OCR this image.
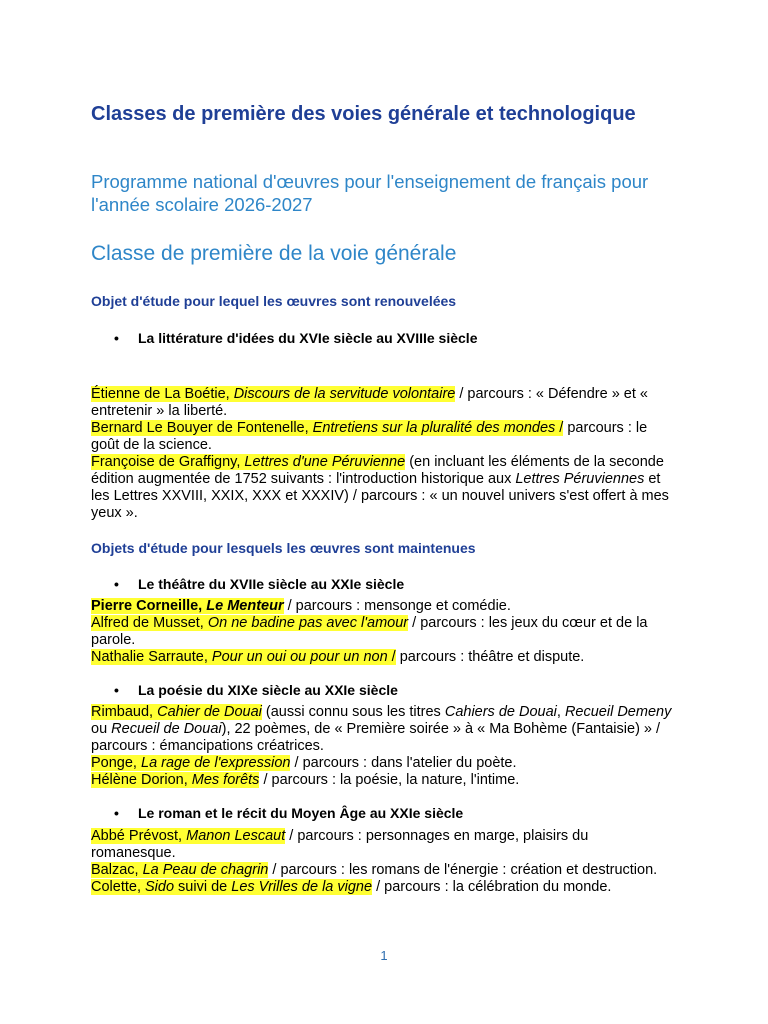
Classes de première des voies générale et technologique
Programme national d'œuvres pour l'enseignement de français pour l'année scolaire 2026-2027
Classe de première de la voie générale
Objet d'étude pour lequel les œuvres sont renouvelées
• La littérature d'idées du XVIe siècle au XVIIIe siècle
Étienne de La Boétie, Discours de la servitude volontaire / parcours : « Défendre » et « entretenir » la liberté.
Bernard Le Bouyer de Fontenelle, Entretiens sur la pluralité des mondes / parcours : le goût de la science.
Françoise de Graffigny, Lettres d'une Péruvienne (en incluant les éléments de la seconde édition augmentée de 1752 suivants : l'introduction historique aux Lettres Péruviennes et les Lettres XXVIII, XXIX, XXX et XXXIV) / parcours : « un nouvel univers s'est offert à mes yeux ».
Objets d'étude pour lesquels les œuvres sont maintenues
• Le théâtre du XVIIe siècle au XXIe siècle
Pierre Corneille, Le Menteur / parcours : mensonge et comédie.
Alfred de Musset, On ne badine pas avec l'amour / parcours : les jeux du cœur et de la parole.
Nathalie Sarraute, Pour un oui ou pour un non / parcours : théâtre et dispute.
• La poésie du XIXe siècle au XXIe siècle
Rimbaud, Cahier de Douai (aussi connu sous les titres Cahiers de Douai, Recueil Demeny ou Recueil de Douai), 22 poèmes, de « Première soirée » à « Ma Bohème (Fantaisie) » / parcours : émancipations créatrices.
Ponge, La rage de l'expression / parcours : dans l'atelier du poète.
Hélène Dorion, Mes forêts / parcours : la poésie, la nature, l'intime.
• Le roman et le récit du Moyen Âge au XXIe siècle
Abbé Prévost, Manon Lescaut / parcours : personnages en marge, plaisirs du romanesque.
Balzac, La Peau de chagrin / parcours : les romans de l'énergie : création et destruction.
Colette, Sido suivi de Les Vrilles de la vigne / parcours : la célébration du monde.
1
